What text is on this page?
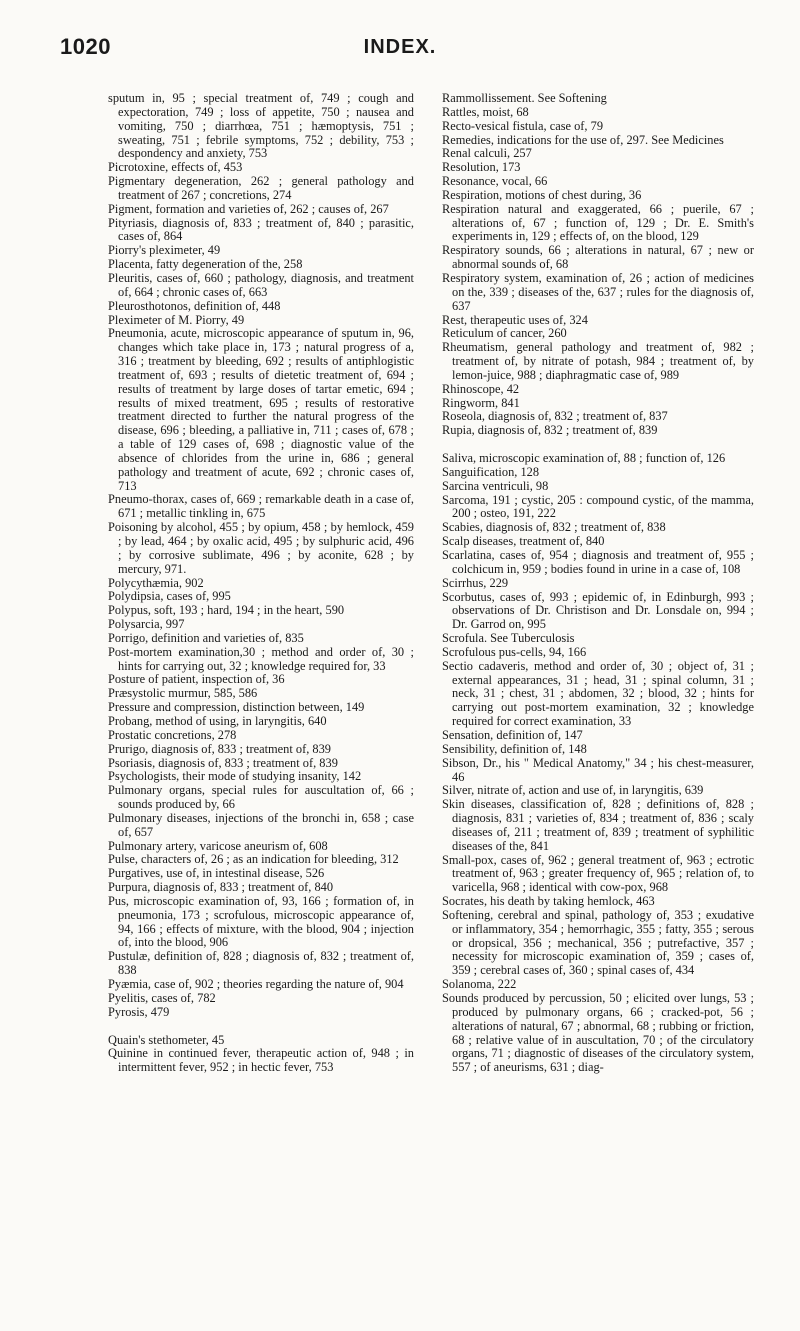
1020	INDEX.
sputum in, 95 ; special treatment of, 749 ; cough and expectoration, 749 ; loss of appetite, 750 ; nausea and vomiting, 750 ; diarrhœa, 751 ; hæmoptysis, 751 ; sweating, 751 ; febrile symptoms, 752 ; debility, 753 ; despondency and anxiety, 753
Picrotoxine, effects of, 453
Pigmentary degeneration, 262 ; general pathology and treatment of 267 ; concretions, 274
Pigment, formation and varieties of, 262 ; causes of, 267
Pityriasis, diagnosis of, 833 ; treatment of, 840 ; parasitic, cases of, 864
Piorry's pleximeter, 49
Placenta, fatty degeneration of the, 258
Pleuritis, cases of, 660 ; pathology, diagnosis, and treatment of, 664 ; chronic cases of, 663
Pleurosthotonos, definition of, 448
Pleximeter of M. Piorry, 49
Pneumonia, acute, microscopic appearance of sputum in, 96, changes which take place in, 173 ; natural progress of a, 316 ; treatment by bleeding, 692 ; results of antiphlogistic treatment of, 693 ; results of dietetic treatment of, 694 ; results of treatment by large doses of tartar emetic, 694 ; results of mixed treatment, 695 ; results of restorative treatment directed to further the natural progress of the disease, 696 ; bleeding, a palliative in, 711 ; cases of, 678 ; a table of 129 cases of, 698 ; diagnostic value of the absence of chlorides from the urine in, 686 ; general pathology and treatment of acute, 692 ; chronic cases of, 713
Pneumo-thorax, cases of, 669 ; remarkable death in a case of, 671 ; metallic tinkling in, 675
Poisoning by alcohol, 455 ; by opium, 458 ; by hemlock, 459 ; by lead, 464 ; by oxalic acid, 495 ; by sulphuric acid, 496 ; by corrosive sublimate, 496 ; by aconite, 628 ; by mercury, 971.
Polycythæmia, 902
Polydipsia, cases of, 995
Polypus, soft, 193 ; hard, 194 ; in the heart, 590
Polysarcia, 997
Porrigo, definition and varieties of, 835
Post-mortem examination,30 ; method and order of, 30 ; hints for carrying out, 32 ; knowledge required for, 33
Posture of patient, inspection of, 36
Præsystolic murmur, 585, 586
Pressure and compression, distinction between, 149
Probang, method of using, in laryngitis, 640
Prostatic concretions, 278
Prurigo, diagnosis of, 833 ; treatment of, 839
Psoriasis, diagnosis of, 833 ; treatment of, 839
Psychologists, their mode of studying insanity, 142
Pulmonary organs, special rules for auscultation of, 66 ; sounds produced by, 66
Pulmonary diseases, injections of the bronchi in, 658 ; case of, 657
Pulmonary artery, varicose aneurism of, 608
Pulse, characters of, 26 ; as an indication for bleeding, 312
Purgatives, use of, in intestinal disease, 526
Purpura, diagnosis of, 833 ; treatment of, 840
Pus, microscopic examination of, 93, 166 ; formation of, in pneumonia, 173 ; scrofulous, microscopic appearance of, 94, 166 ; effects of mixture, with the blood, 904 ; injection of, into the blood, 906
Pustulæ, definition of, 828 ; diagnosis of, 832 ; treatment of, 838
Pyæmia, case of, 902 ; theories regarding the nature of, 904
Pyelitis, cases of, 782
Pyrosis, 479
Quain's stethometer, 45
Quinine in continued fever, therapeutic action of, 948 ; in intermittent fever, 952 ; in hectic fever, 753
Rammollissement. See Softening
Rattles, moist, 68
Recto-vesical fistula, case of, 79
Remedies, indications for the use of, 297. See Medicines
Renal calculi, 257
Resolution, 173
Resonance, vocal, 66
Respiration, motions of chest during, 36
Respiration natural and exaggerated, 66 ; puerile, 67 ; alterations of, 67 ; function of, 129 ; Dr. E. Smith's experiments in, 129 ; effects of, on the blood, 129
Respiratory sounds, 66 ; alterations in natural, 67 ; new or abnormal sounds of, 68
Respiratory system, examination of, 26 ; action of medicines on the, 339 ; diseases of the, 637 ; rules for the diagnosis of, 637
Rest, therapeutic uses of, 324
Reticulum of cancer, 260
Rheumatism, general pathology and treatment of, 982 ; treatment of, by nitrate of potash, 984 ; treatment of, by lemon-juice, 988 ; diaphragmatic case of, 989
Rhinoscope, 42
Ringworm, 841
Roseola, diagnosis of, 832 ; treatment of, 837
Rupia, diagnosis of, 832 ; treatment of, 839
Saliva, microscopic examination of, 88 ; function of, 126
Sanguification, 128
Sarcina ventriculi, 98
Sarcoma, 191 ; cystic, 205 : compound cystic, of the mamma, 200 ; osteo, 191, 222
Scabies, diagnosis of, 832 ; treatment of, 838
Scalp diseases, treatment of, 840
Scarlatina, cases of, 954 ; diagnosis and treatment of, 955 ; colchicum in, 959 ; bodies found in urine in a case of, 108
Scirrhus, 229
Scorbutus, cases of, 993 ; epidemic of, in Edinburgh, 993 ; observations of Dr. Christison and Dr. Lonsdale on, 994 ; Dr. Garrod on, 995
Scrofula. See Tuberculosis
Scrofulous pus-cells, 94, 166
Sectio cadaveris, method and order of, 30 ; object of, 31 ; external appearances, 31 ; head, 31 ; spinal column, 31 ; neck, 31 ; chest, 31 ; abdomen, 32 ; blood, 32 ; hints for carrying out post-mortem examination, 32 ; knowledge required for correct examination, 33
Sensation, definition of, 147
Sensibility, definition of, 148
Sibson, Dr., his " Medical Anatomy," 34 ; his chest-measurer, 46
Silver, nitrate of, action and use of, in laryngitis, 639
Skin diseases, classification of, 828 ; definitions of, 828 ; diagnosis, 831 ; varieties of, 834 ; treatment of, 836 ; scaly diseases of, 211 ; treatment of, 839 ; treatment of syphilitic diseases of the, 841
Small-pox, cases of, 962 ; general treatment of, 963 ; ectrotic treatment of, 963 ; greater frequency of, 965 ; relation of, to varicella, 968 ; identical with cow-pox, 968
Socrates, his death by taking hemlock, 463
Softening, cerebral and spinal, pathology of, 353 ; exudative or inflammatory, 354 ; hemorrhagic, 355 ; fatty, 355 ; serous or dropsical, 356 ; mechanical, 356 ; putrefactive, 357 ; necessity for microscopic examination of, 359 ; cases of, 359 ; cerebral cases of, 360 ; spinal cases of, 434
Solanoma, 222
Sounds produced by percussion, 50 ; elicited over lungs, 53 ; produced by pulmonary organs, 66 ; cracked-pot, 56 ; alterations of natural, 67 ; abnormal, 68 ; rubbing or friction, 68 ; relative value of in auscultation, 70 ; of the circulatory organs, 71 ; diagnostic of diseases of the circulatory system, 557 ; of aneurisms, 631 ; diag-
